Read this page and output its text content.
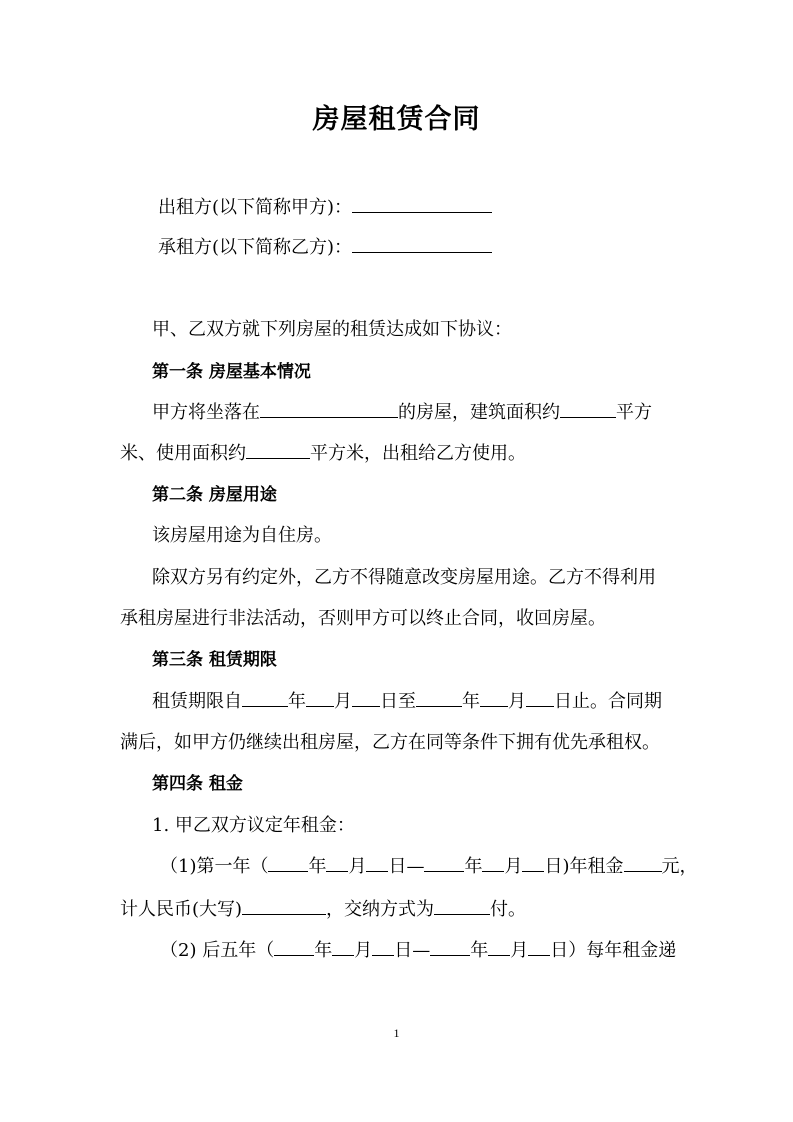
房屋租赁合同
出租方(以下简称甲方)：
承租方(以下简称乙方)：
甲、乙双方就下列房屋的租赁达成如下协议：
第一条 房屋基本情况
甲方将坐落在	的房屋，建筑面积约	平方
米、使用面积约	平方米，出租给乙方使用。
第二条 房屋用途
该房屋用途为自住房。
除双方另有约定外，乙方不得随意改变房屋用途。乙方不得利用
承租房屋进行非法活动，否则甲方可以终止合同，收回房屋。
第三条 租赁期限
租赁期限自	年 月 日至	年 月 日止。合同期
满后，如甲方仍继续出租房屋，乙方在同等条件下拥有优先承租权。
第四条 租金
1. 甲乙双方议定年租金：
（1)第一年（ 年 月 日— 年 月 日)年租金 元，
计人民币(大写)	，交纳方式为	付。
（2) 后五年（ 年 月 日— 年 月 日）每年租金递
1
